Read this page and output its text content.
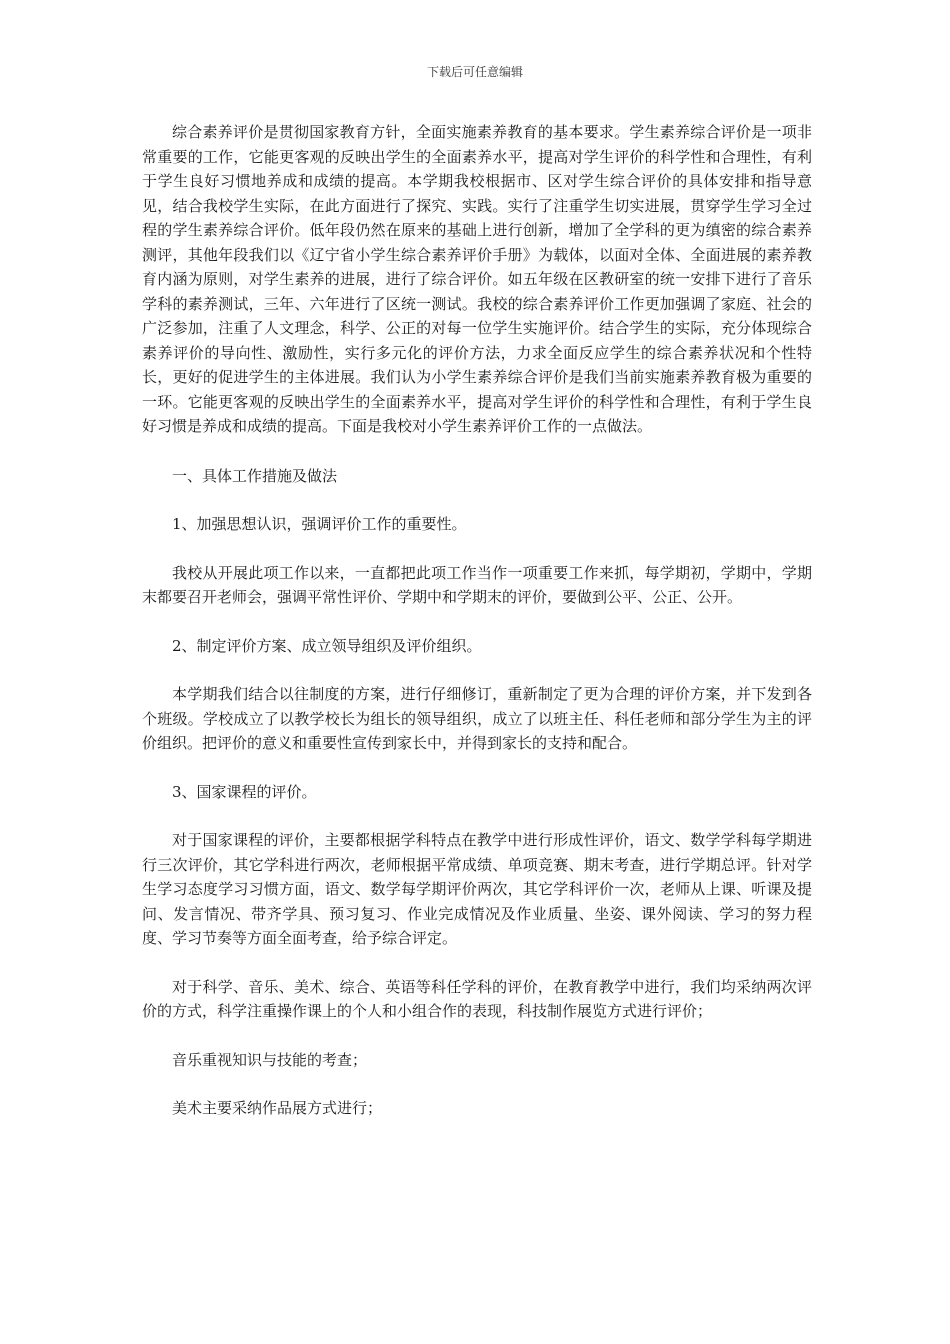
下载后可任意编辑

综合素养评价是贯彻国家教育方针，全面实施素养教育的基本要求。学生素养综合评价是一项非常重要的工作，它能更客观的反映出学生的全面素养水平，提高对学生评价的科学性和合理性，有利于学生良好习惯地养成和成绩的提高。本学期我校根据市、区对学生综合评价的具体安排和指导意见，结合我校学生实际，在此方面进行了探究、实践。实行了注重学生切实进展，贯穿学生学习全过程的学生素养综合评价。低年段仍然在原来的基础上进行创新，增加了全学科的更为缜密的综合素养测评，其他年段我们以《辽宁省小学生综合素养评价手册》为载体，以面对全体、全面进展的素养教育内涵为原则，对学生素养的进展，进行了综合评价。如五年级在区教研室的统一安排下进行了音乐学科的素养测试，三年、六年进行了区统一测试。我校的综合素养评价工作更加强调了家庭、社会的广泛参加，注重了人文理念，科学、公正的对每一位学生实施评价。结合学生的实际，充分体现综合素养评价的导向性、激励性，实行多元化的评价方法，力求全面反应学生的综合素养状况和个性特长，更好的促进学生的主体进展。我们认为小学生素养综合评价是我们当前实施素养教育极为重要的一环。它能更客观的反映出学生的全面素养水平，提高对学生评价的科学性和合理性，有利于学生良好习惯是养成和成绩的提高。下面是我校对小学生素养评价工作的一点做法。

一、具体工作措施及做法

1、加强思想认识，强调评价工作的重要性。

我校从开展此项工作以来，一直都把此项工作当作一项重要工作来抓，每学期初，学期中，学期末都要召开老师会，强调平常性评价、学期中和学期末的评价，要做到公平、公正、公开。

2、制定评价方案、成立领导组织及评价组织。

本学期我们结合以往制度的方案，进行仔细修订，重新制定了更为合理的评价方案，并下发到各个班级。学校成立了以教学校长为组长的领导组织，成立了以班主任、科任老师和部分学生为主的评价组织。把评价的意义和重要性宣传到家长中，并得到家长的支持和配合。

3、国家课程的评价。

对于国家课程的评价，主要都根据学科特点在教学中进行形成性评价，语文、数学学科每学期进行三次评价，其它学科进行两次，老师根据平常成绩、单项竞赛、期末考查，进行学期总评。针对学生学习态度学习习惯方面，语文、数学每学期评价两次，其它学科评价一次，老师从上课、听课及提问、发言情况、带齐学具、预习复习、作业完成情况及作业质量、坐姿、课外阅读、学习的努力程度、学习节奏等方面全面考查，给予综合评定。

对于科学、音乐、美术、综合、英语等科任学科的评价，在教育教学中进行，我们均采纳两次评价的方式，科学注重操作课上的个人和小组合作的表现，科技制作展览方式进行评价；

音乐重视知识与技能的考查；

美术主要采纳作品展方式进行；
